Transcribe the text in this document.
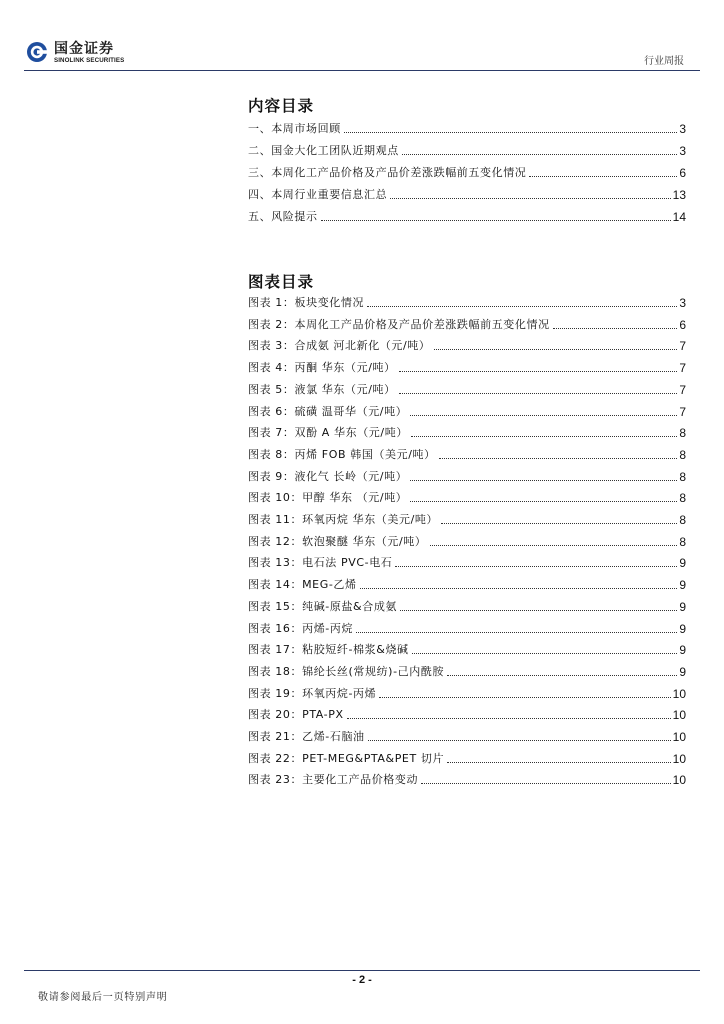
国金证券
SINOLINK SECURITIES	行业周报
内容目录
一、本周市场回顾	3
二、国金大化工团队近期观点	3
三、本周化工产品价格及产品价差涨跌幅前五变化情况	6
四、本周行业重要信息汇总	13
五、风险提示	14
图表目录
图表 1：板块变化情况	3
图表 2：本周化工产品价格及产品价差涨跌幅前五变化情况	6
图表 3：合成氨 河北新化（元/吨）	7
图表 4：丙酮 华东（元/吨）	7
图表 5：液氯 华东（元/吨）	7
图表 6：硫磺 温哥华（元/吨）	7
图表 7：双酚 A 华东（元/吨）	8
图表 8：丙烯 FOB 韩国（美元/吨）	8
图表 9：液化气 长岭（元/吨）	8
图表 10：甲醇 华东 （元/吨）	8
图表 11：环氧丙烷 华东（美元/吨）	8
图表 12：软泡聚醚 华东（元/吨）	8
图表 13：电石法 PVC-电石	9
图表 14：MEG-乙烯	9
图表 15：纯碱-原盐&合成氨	9
图表 16：丙烯-丙烷	9
图表 17：粘胶短纤-棉浆&烧碱	9
图表 18：锦纶长丝(常规纺)-己内酰胺	9
图表 19：环氧丙烷-丙烯	10
图表 20：PTA-PX	10
图表 21：乙烯-石脑油	10
图表 22：PET-MEG&PTA&PET 切片	10
图表 23：主要化工产品价格变动	10
- 2 -
敬请参阅最后一页特别声明
